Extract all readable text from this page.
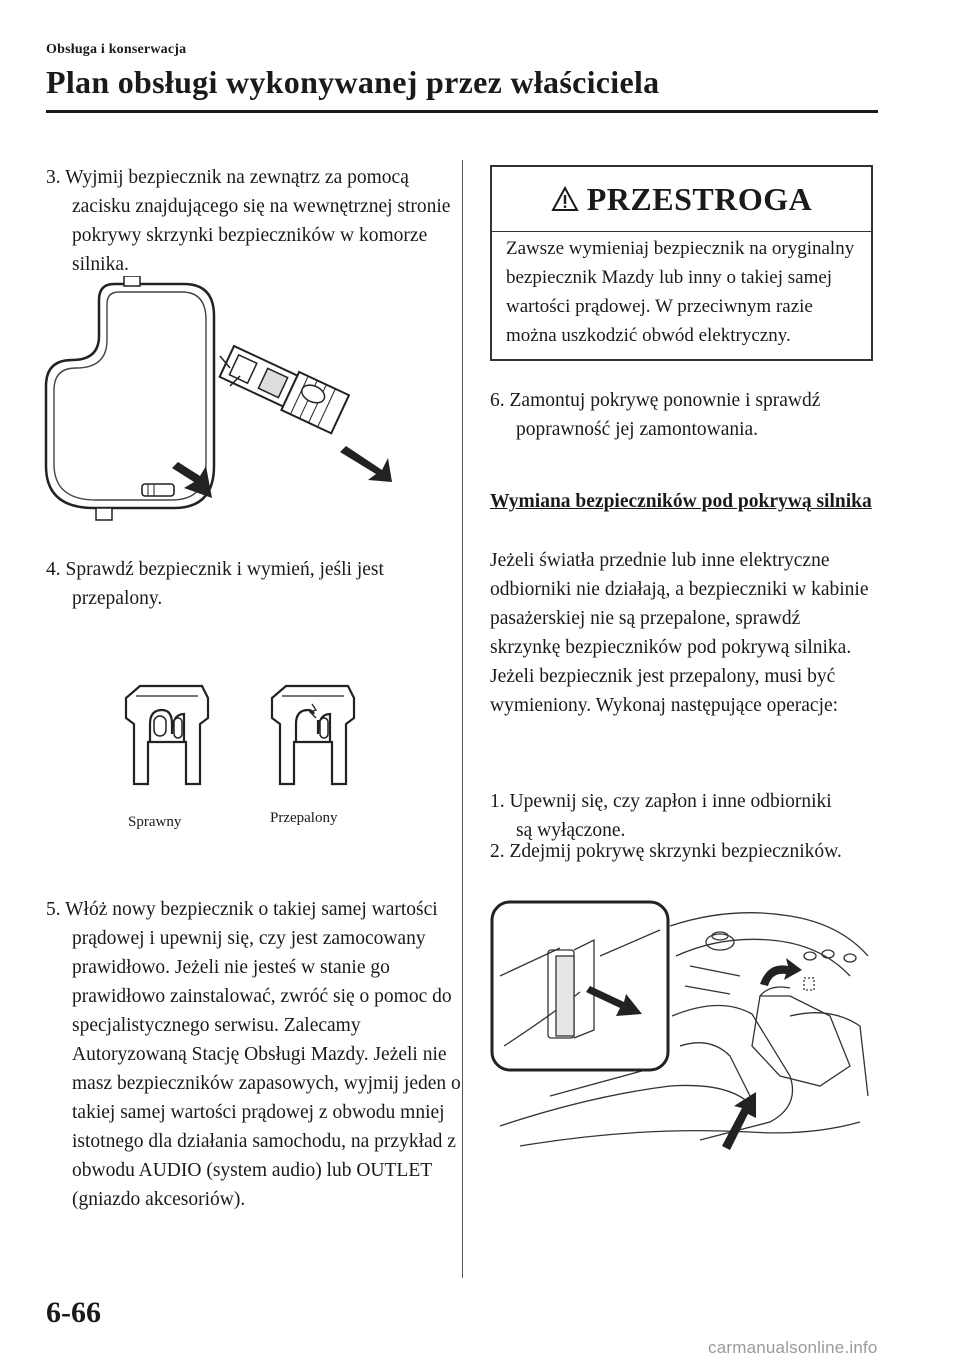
Obsługa i konserwacja
Plan obsługi wykonywanej przez właściciela

3. Wyjmij bezpiecznik na zewnątrz za pomocą zacisku znajdującego się na wewnętrznej stronie pokrywy skrzynki bezpieczników w komorze silnika.

4. Sprawdź bezpiecznik i wymień, jeśli jest przepalony.

Sprawny	Przepalony

5. Włóż nowy bezpiecznik o takiej samej wartości prądowej i upewnij się, czy jest zamocowany prawidłowo. Jeżeli nie jesteś w stanie go prawidłowo zainstalować, zwróć się o pomoc do specjalistycznego serwisu. Zalecamy Autoryzowaną Stację Obsługi Mazdy. Jeżeli nie masz bezpieczników zapasowych, wyjmij jeden o takiej samej wartości prądowej z obwodu mniej istotnego dla działania samochodu, na przykład z obwodu AUDIO (system audio) lub OUTLET (gniazdo akcesoriów).

PRZESTROGA
Zawsze wymieniaj bezpiecznik na oryginalny bezpiecznik Mazdy lub inny o takiej samej wartości prądowej. W przeciwnym razie można uszkodzić obwód elektryczny.

6. Zamontuj pokrywę ponownie i sprawdź poprawność jej zamontowania.

Wymiana bezpieczników pod pokrywą silnika

Jeżeli światła przednie lub inne elektryczne odbiorniki nie działają, a bezpieczniki w kabinie pasażerskiej nie są przepalone, sprawdź skrzynkę bezpieczników pod pokrywą silnika. Jeżeli bezpiecznik jest przepalony, musi być wymieniony. Wykonaj następujące operacje:

1. Upewnij się, czy zapłon i inne odbiorniki są wyłączone.

2. Zdejmij pokrywę skrzynki bezpieczników.

6-66
carmanualsonline.info
